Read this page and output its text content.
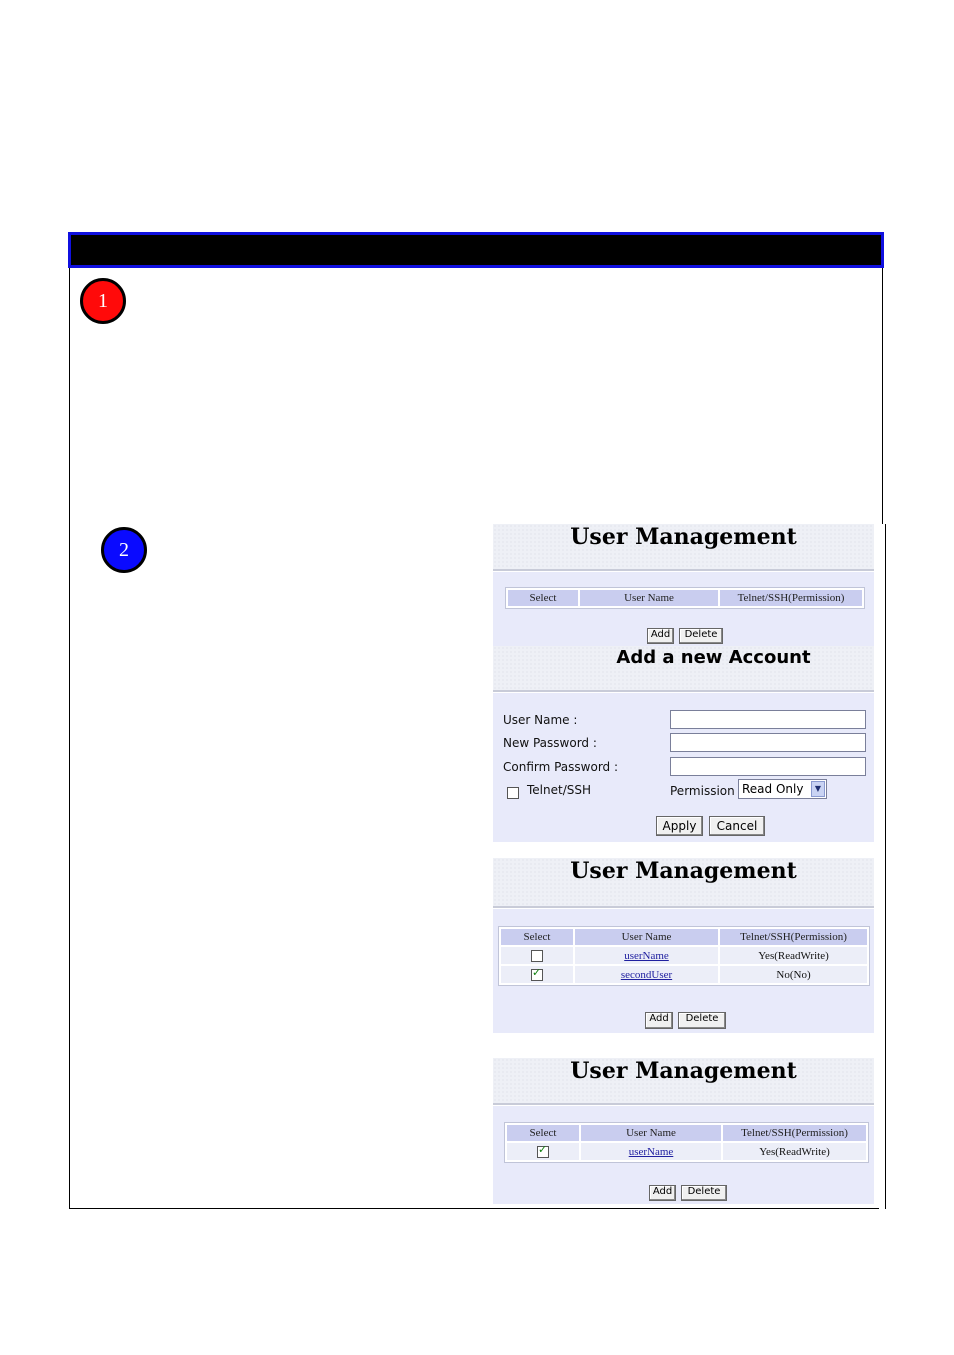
1
2	User Management
Select	User Name	Telnet/SSH(Permission)
Add	Delete
Add a new Account
User Name :
New Password :
Confirm Password :
Telnet/SSH	Permission Read Only	▼
Apply	Cancel
User Management
Select	User Name	Telnet/SSH(Permission)
	userName	Yes(ReadWrite)
✓	secondUser	No(No)
Add	Delete
User Management
Select	User Name	Telnet/SSH(Permission)
✓	userName	Yes(ReadWrite)
Add	Delete
